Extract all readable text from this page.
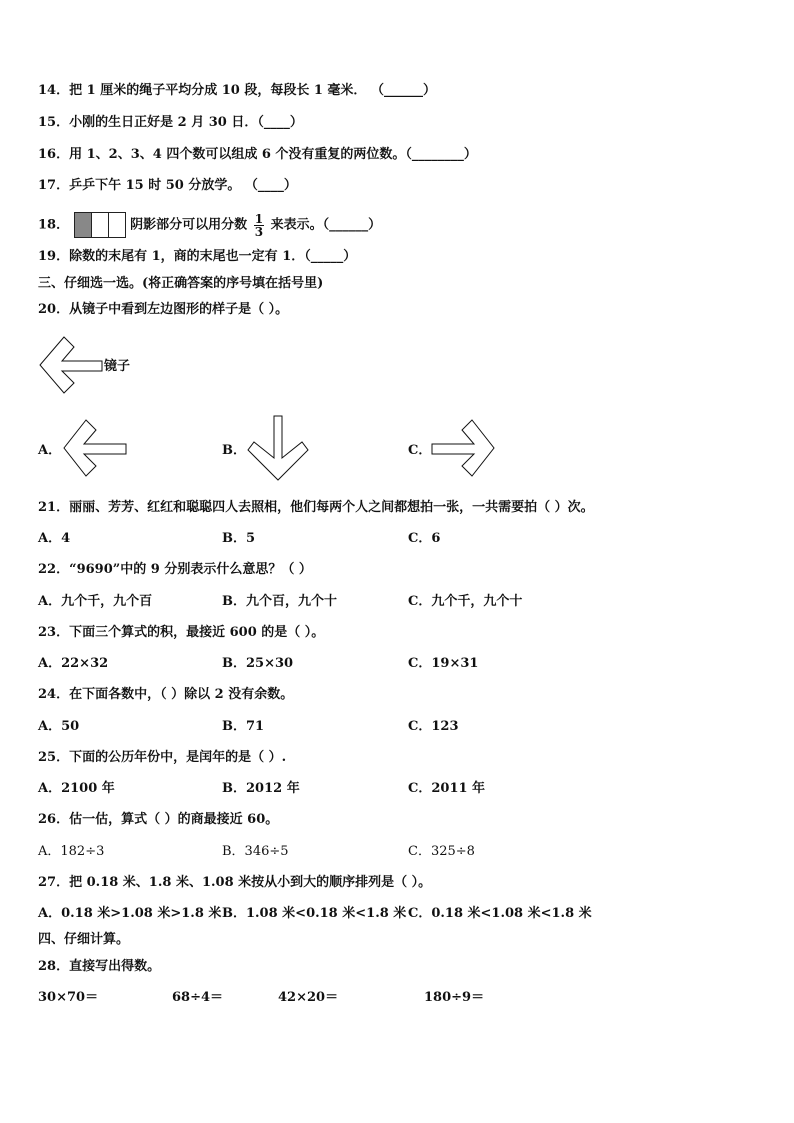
14．把 1 厘米的绳子平均分成 10 段，每段长 1 毫米． （______）
15．小刚的生日正好是 2 月 30 日．（____）
16．用 1、2、3、4 四个数可以组成 6 个没有重复的两位数。（________）
17．乒乒下午 15 时 50 分放学。 （____）
18．	阴影部分可以用分数 $\frac{1}{3}$ 来表示。（______）
19．除数的末尾有 1，商的末尾也一定有 1．（_____）
三、仔细选一选。(将正确答案的序号填在括号里)
20．从镜子中看到左边图形的样子是（ ）。
镜子
A．	B．	C．
21．丽丽、芳芳、红红和聪聪四人去照相，他们每两个人之间都想拍一张，一共需要拍（ ）次。
A．4	B．5	C．6
22．“9690”中的 9 分别表示什么意思？（ ）
A．九个千，九个百	B．九个百，九个十	C．九个千，九个十
23．下面三个算式的积，最接近 600 的是（ ）。
A．22×32	B．25×30	C．19×31
24．在下面各数中，（ ）除以 2 没有余数。
A．50	B．71	C．123
25．下面的公历年份中，是闰年的是（ ）.
A．2100 年	B．2012 年	C．2011 年
26．估一估，算式（ ）的商最接近 60。
A．182÷3	B．346÷5	C．325÷8
27．把 0.18 米、1.8 米、1.08 米按从小到大的顺序排列是（ ）。
A．0.18 米>1.08 米>1.8 米 B．1.08 米<0.18 米<1.8 米 C．0.18 米<1.08 米<1.8 米
四、仔细计算。
28．直接写出得数。
30×70＝	68÷4＝	42×20＝	180÷9＝
